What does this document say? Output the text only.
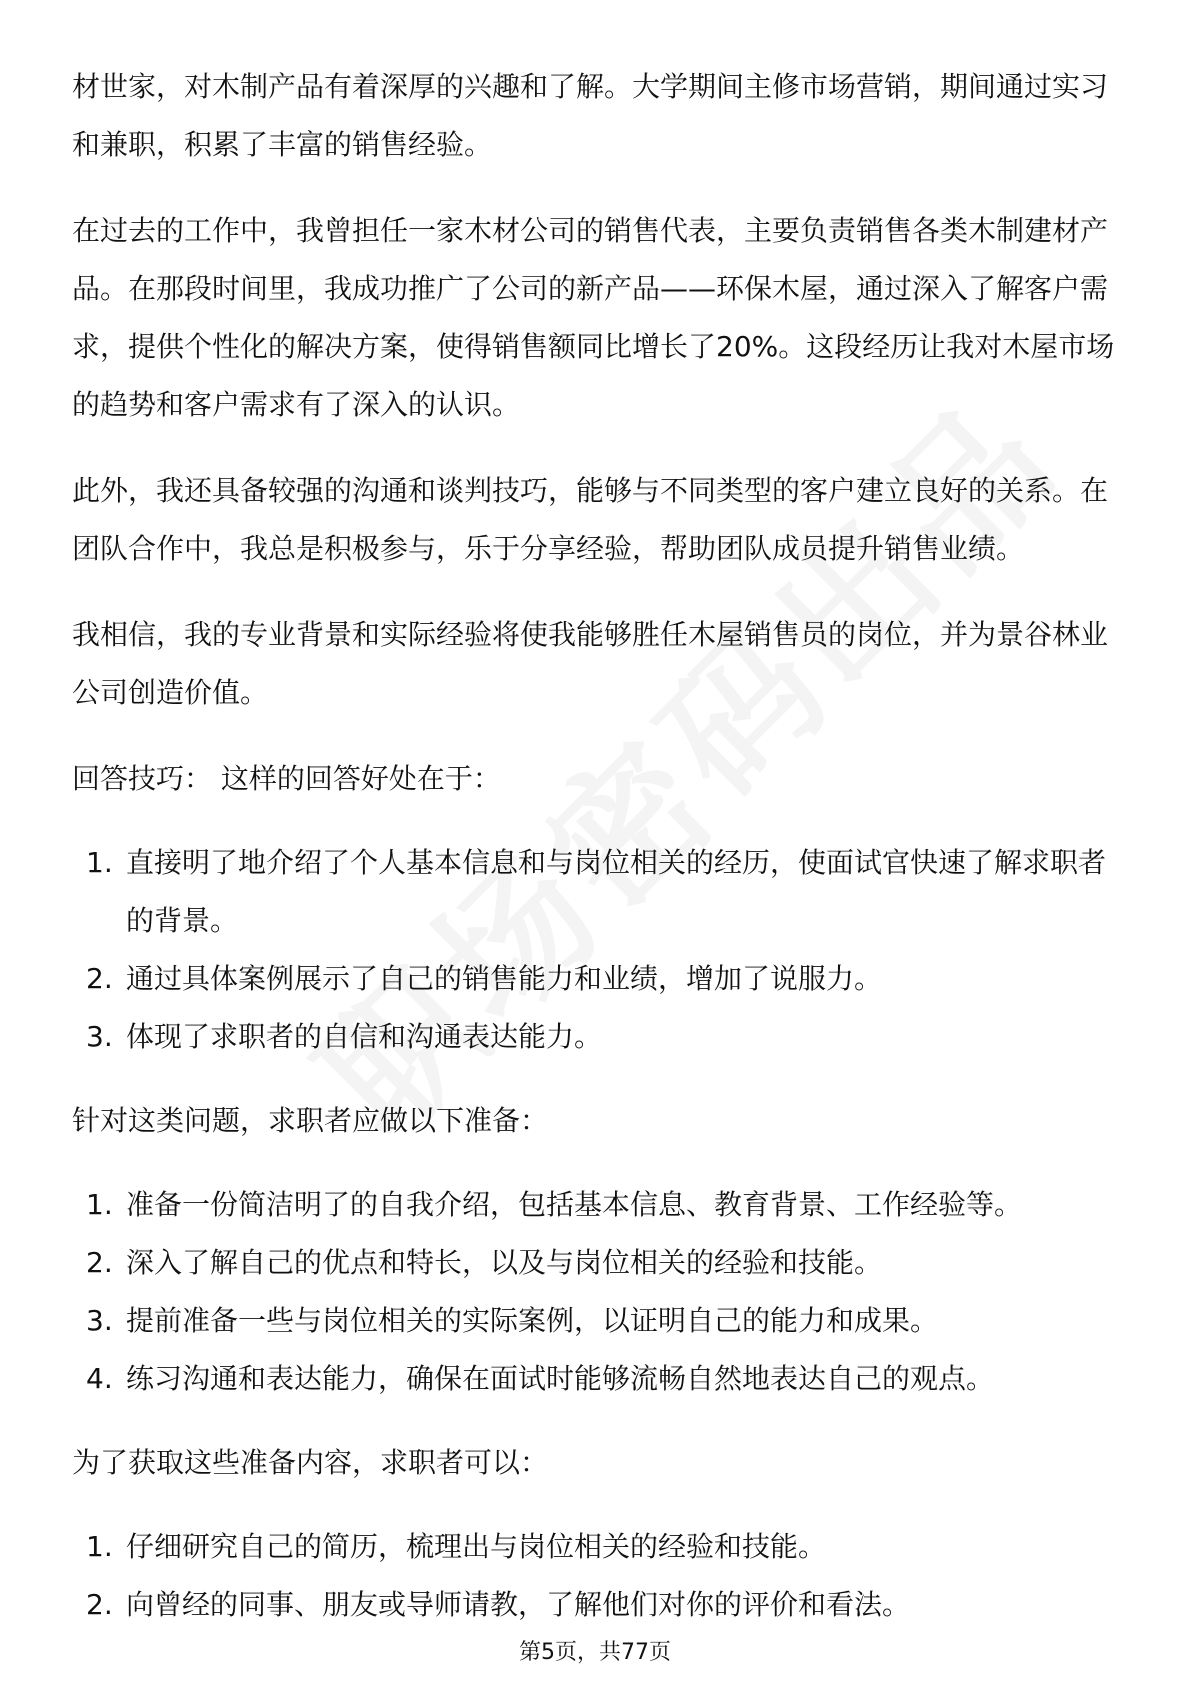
材世家，对木制产品有着深厚的兴趣和了解。大学期间主修市场营销，期间通过实习和兼职，积累了丰富的销售经验。

在过去的工作中，我曾担任一家木材公司的销售代表，主要负责销售各类木制建材产品。在那段时间里，我成功推广了公司的新产品——环保木屋，通过深入了解客户需求，提供个性化的解决方案，使得销售额同比增长了20%。这段经历让我对木屋市场的趋势和客户需求有了深入的认识。

此外，我还具备较强的沟通和谈判技巧，能够与不同类型的客户建立良好的关系。在团队合作中，我总是积极参与，乐于分享经验，帮助团队成员提升销售业绩。

我相信，我的专业背景和实际经验将使我能够胜任木屋销售员的岗位，并为景谷林业公司创造价值。

回答技巧： 这样的回答好处在于：

1. 直接明了地介绍了个人基本信息和与岗位相关的经历，使面试官快速了解求职者的背景。
2. 通过具体案例展示了自己的销售能力和业绩，增加了说服力。
3. 体现了求职者的自信和沟通表达能力。

针对这类问题，求职者应做以下准备：

1. 准备一份简洁明了的自我介绍，包括基本信息、教育背景、工作经验等。
2. 深入了解自己的优点和特长，以及与岗位相关的经验和技能。
3. 提前准备一些与岗位相关的实际案例，以证明自己的能力和成果。
4. 练习沟通和表达能力，确保在面试时能够流畅自然地表达自己的观点。

为了获取这些准备内容，求职者可以：

1. 仔细研究自己的简历，梳理出与岗位相关的经验和技能。
2. 向曾经的同事、朋友或导师请教，了解他们对你的评价和看法。
第5页，共77页
